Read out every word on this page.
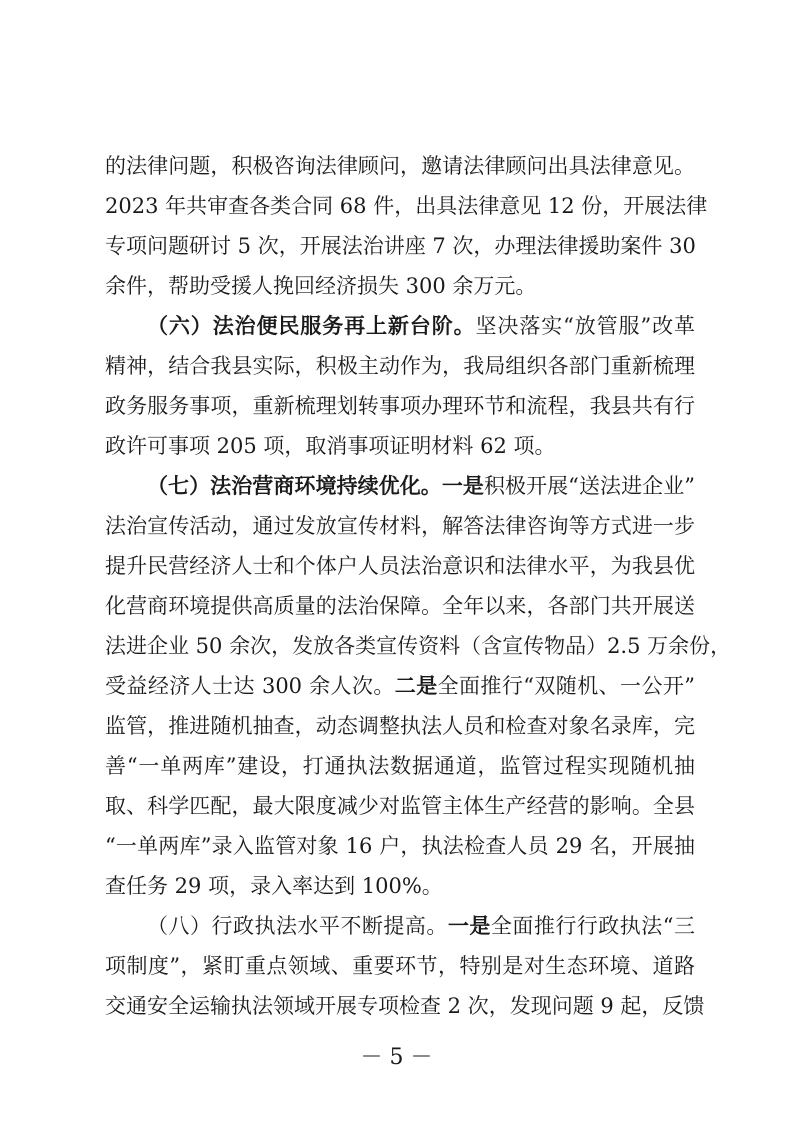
的法律问题，积极咨询法律顾问，邀请法律顾问出具法律意见。
2023 年共审查各类合同 68 件，出具法律意见 12 份，开展法律
专项问题研讨 5 次，开展法治讲座 7 次，办理法律援助案件 30
余件，帮助受援人挽回经济损失 300 余万元。
（六）法治便民服务再上新台阶。坚决落实“放管服”改革
精神，结合我县实际，积极主动作为，我局组织各部门重新梳理
政务服务事项，重新梳理划转事项办理环节和流程，我县共有行
政许可事项 205 项，取消事项证明材料 62 项。
（七）法治营商环境持续优化。一是积极开展“送法进企业”
法治宣传活动，通过发放宣传材料，解答法律咨询等方式进一步
提升民营经济人士和个体户人员法治意识和法律水平，为我县优
化营商环境提供高质量的法治保障。全年以来，各部门共开展送
法进企业 50 余次，发放各类宣传资料（含宣传物品）2.5 万余份，
受益经济人士达 300 余人次。二是全面推行“双随机、一公开”
监管，推进随机抽查，动态调整执法人员和检查对象名录库，完
善“一单两库”建设，打通执法数据通道，监管过程实现随机抽
取、科学匹配，最大限度减少对监管主体生产经营的影响。全县
“一单两库”录入监管对象 16 户，执法检查人员 29 名，开展抽
查任务 29 项，录入率达到 100%。
（八）行政执法水平不断提高。一是全面推行行政执法“三
项制度”，紧盯重点领域、重要环节，特别是对生态环境、道路
交通安全运输执法领域开展专项检查 2 次，发现问题 9 起，反馈
－ 5 －
